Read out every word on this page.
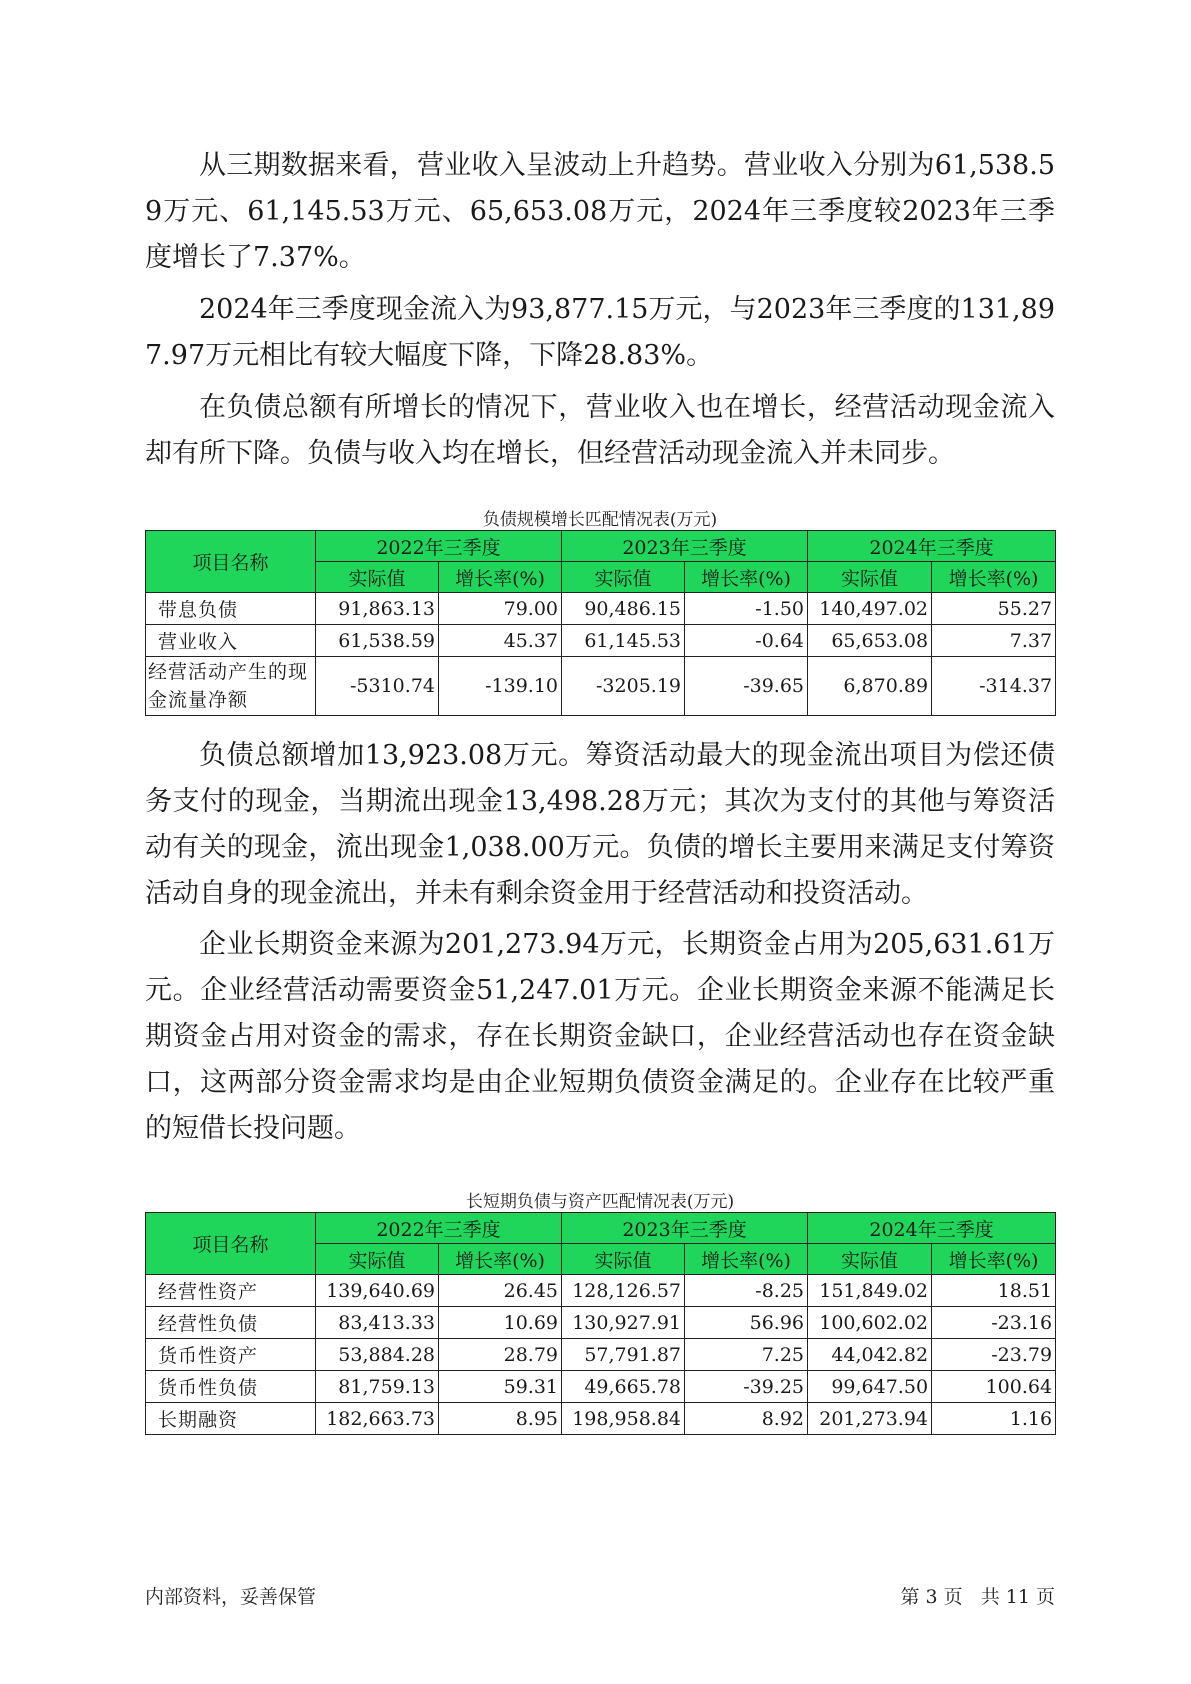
从三期数据来看，营业收入呈波动上升趋势。营业收入分别为61,538.59万元、61,145.53万元、65,653.08万元，2024年三季度较2023年三季度增长了7.37%。

2024年三季度现金流入为93,877.15万元，与2023年三季度的131,897.97万元相比有较大幅度下降，下降28.83%。

在负债总额有所增长的情况下，营业收入也在增长，经营活动现金流入却有所下降。负债与收入均在增长，但经营活动现金流入并未同步。

负债规模增长匹配情况表(万元)
项目名称	2022年三季度		2023年三季度		2024年三季度	
	实际值	增长率(%)	实际值	增长率(%)	实际值	增长率(%)
带息负债	91,863.13	79.00	90,486.15	-1.50	140,497.02	55.27
营业收入	61,538.59	45.37	61,145.53	-0.64	65,653.08	7.37
经营活动产生的现金流量净额	-5310.74	-139.10	-3205.19	-39.65	6,870.89	-314.37

负债总额增加13,923.08万元。筹资活动最大的现金流出项目为偿还债务支付的现金，当期流出现金13,498.28万元；其次为支付的其他与筹资活动有关的现金，流出现金1,038.00万元。负债的增长主要用来满足支付筹资活动自身的现金流出，并未有剩余资金用于经营活动和投资活动。

企业长期资金来源为201,273.94万元，长期资金占用为205,631.61万元。企业经营活动需要资金51,247.01万元。企业长期资金来源不能满足长期资金占用对资金的需求，存在长期资金缺口，企业经营活动也存在资金缺口，这两部分资金需求均是由企业短期负债资金满足的。企业存在比较严重的短借长投问题。

长短期负债与资产匹配情况表(万元)
项目名称	2022年三季度		2023年三季度		2024年三季度	
	实际值	增长率(%)	实际值	增长率(%)	实际值	增长率(%)
经营性资产	139,640.69	26.45	128,126.57	-8.25	151,849.02	18.51
经营性负债	83,413.33	10.69	130,927.91	56.96	100,602.02	-23.16
货币性资产	53,884.28	28.79	57,791.87	7.25	44,042.82	-23.79
货币性负债	81,759.13	59.31	49,665.78	-39.25	99,647.50	100.64
长期融资	182,663.73	8.95	198,958.84	8.92	201,273.94	1.16
内部资料，妥善保管	第 3 页   共 11 页
